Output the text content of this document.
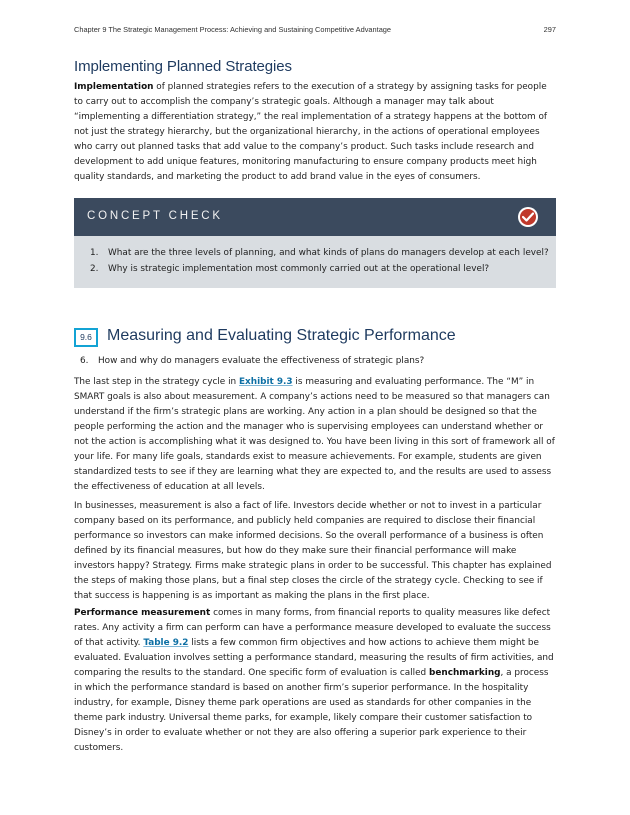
Chapter 9 The Strategic Management Process: Achieving and Sustaining Competitive Advantage	297
Implementing Planned Strategies
Implementation of planned strategies refers to the execution of a strategy by assigning tasks for people to carry out to accomplish the company’s strategic goals. Although a manager may talk about “implementing a differentiation strategy,” the real implementation of a strategy happens at the bottom of not just the strategy hierarchy, but the organizational hierarchy, in the actions of operational employees who carry out planned tasks that add value to the company’s product. Such tasks include research and development to add unique features, monitoring manufacturing to ensure company products meet high quality standards, and marketing the product to add brand value in the eyes of consumers.
CONCEPT CHECK
1. What are the three levels of planning, and what kinds of plans do managers develop at each level?
2. Why is strategic implementation most commonly carried out at the operational level?
9.6 Measuring and Evaluating Strategic Performance
6. How and why do managers evaluate the effectiveness of strategic plans?
The last step in the strategy cycle in Exhibit 9.3 is measuring and evaluating performance. The “M” in SMART goals is also about measurement. A company’s actions need to be measured so that managers can understand if the firm’s strategic plans are working. Any action in a plan should be designed so that the people performing the action and the manager who is supervising employees can understand whether or not the action is accomplishing what it was designed to. You have been living in this sort of framework all of your life. For many life goals, standards exist to measure achievements. For example, students are given standardized tests to see if they are learning what they are expected to, and the results are used to assess the effectiveness of education at all levels.
In businesses, measurement is also a fact of life. Investors decide whether or not to invest in a particular company based on its performance, and publicly held companies are required to disclose their financial performance so investors can make informed decisions. So the overall performance of a business is often defined by its financial measures, but how do they make sure their financial performance will make investors happy? Strategy. Firms make strategic plans in order to be successful. This chapter has explained the steps of making those plans, but a final step closes the circle of the strategy cycle. Checking to see if that success is happening is as important as making the plans in the first place.
Performance measurement comes in many forms, from financial reports to quality measures like defect rates. Any activity a firm can perform can have a performance measure developed to evaluate the success of that activity. Table 9.2 lists a few common firm objectives and how actions to achieve them might be evaluated. Evaluation involves setting a performance standard, measuring the results of firm activities, and comparing the results to the standard. One specific form of evaluation is called benchmarking, a process in which the performance standard is based on another firm’s superior performance. In the hospitality industry, for example, Disney theme park operations are used as standards for other companies in the theme park industry. Universal theme parks, for example, likely compare their customer satisfaction to Disney’s in order to evaluate whether or not they are also offering a superior park experience to their customers.
